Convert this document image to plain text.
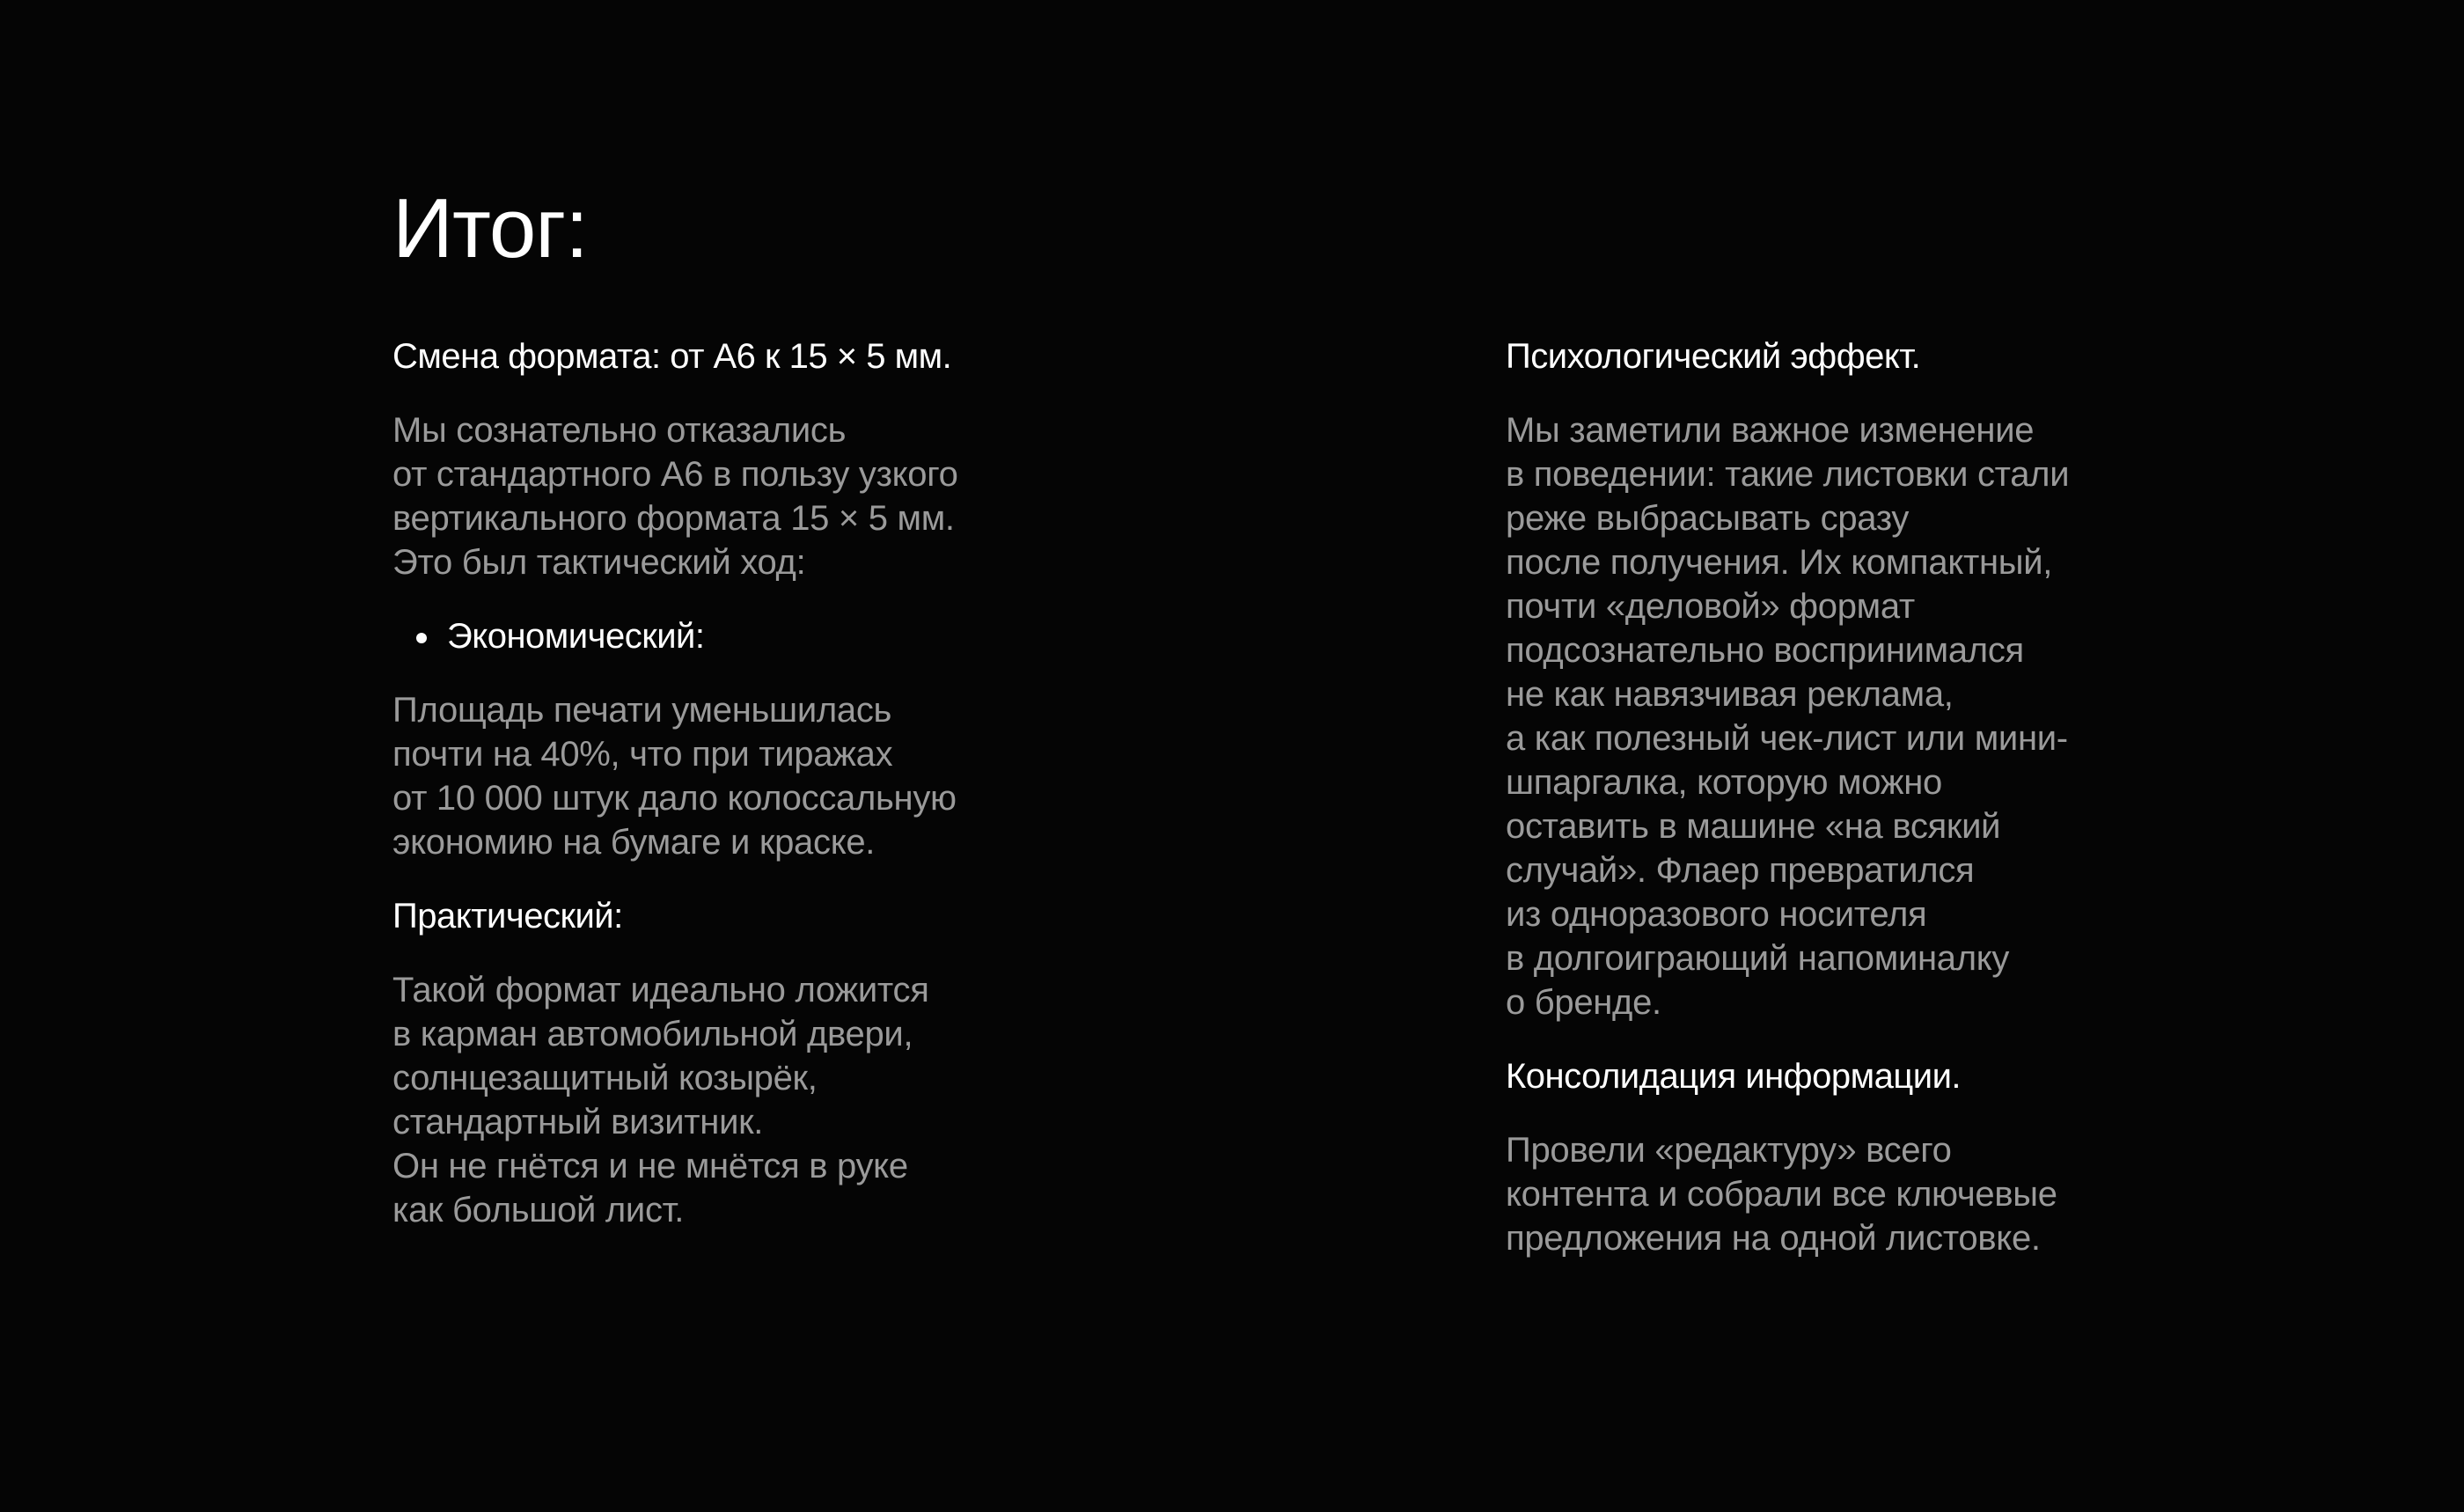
Итог:
Смена формата: от А6 к 15 × 5 мм.

Мы сознательно отказались
от стандартного А6 в пользу узкого
вертикального формата 15 × 5 мм.
Это был тактический ход:

Экономический:

Площадь печати уменьшилась
почти на 40%, что при тиражах
от 10 000 штук дало колоссальную
экономию на бумаге и краске.

Практический:

Такой формат идеально ложится
в карман автомобильной двери,
солнцезащитный козырёк,
стандартный визитник.
Он не гнётся и не мнётся в руке
как большой лист.

Психологический эффект.

Мы заметили важное изменение
в поведении: такие листовки стали
реже выбрасывать сразу
после получения. Их компактный,
почти «деловой» формат
подсознательно воспринимался
не как навязчивая реклама,
а как полезный чек-лист или мини-
шпаргалка, которую можно
оставить в машине «на всякий
случай». Флаер превратился
из одноразового носителя
в долгоиграющий напоминалку
о бренде.

Консолидация информации.

Провели «редактуру» всего
контента и собрали все ключевые
предложения на одной листовке.
